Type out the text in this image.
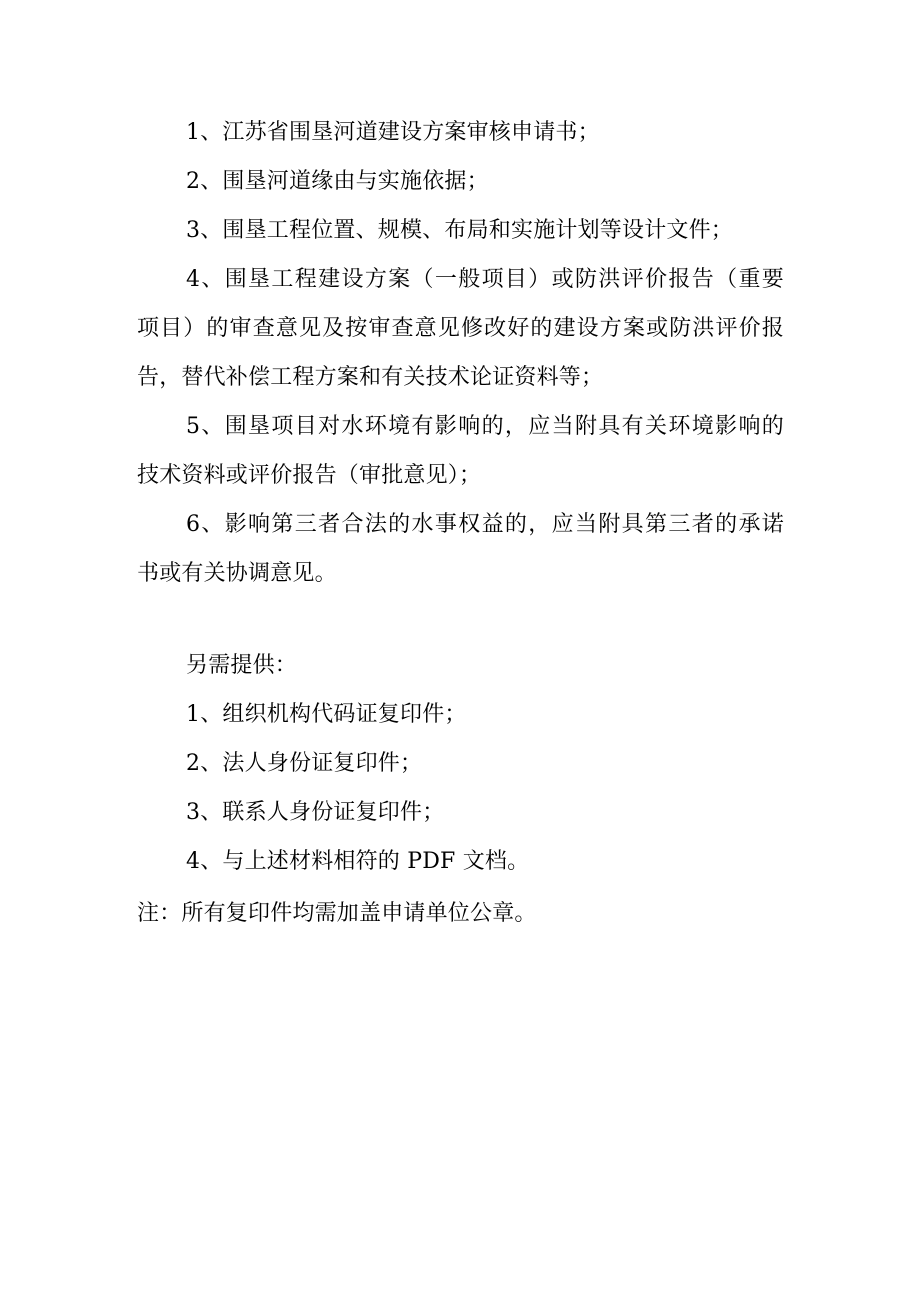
1、江苏省围垦河道建设方案审核申请书；
2、围垦河道缘由与实施依据；
3、围垦工程位置、规模、布局和实施计划等设计文件；
4、围垦工程建设方案（一般项目）或防洪评价报告（重要
项目）的审查意见及按审查意见修改好的建设方案或防洪评价报
告，替代补偿工程方案和有关技术论证资料等；
5、围垦项目对水环境有影响的，应当附具有关环境影响的
技术资料或评价报告（审批意见）；
6、影响第三者合法的水事权益的，应当附具第三者的承诺
书或有关协调意见。
另需提供：
1、组织机构代码证复印件；
2、法人身份证复印件；
3、联系人身份证复印件；
4、与上述材料相符的 PDF 文档。
注：所有复印件均需加盖申请单位公章。
